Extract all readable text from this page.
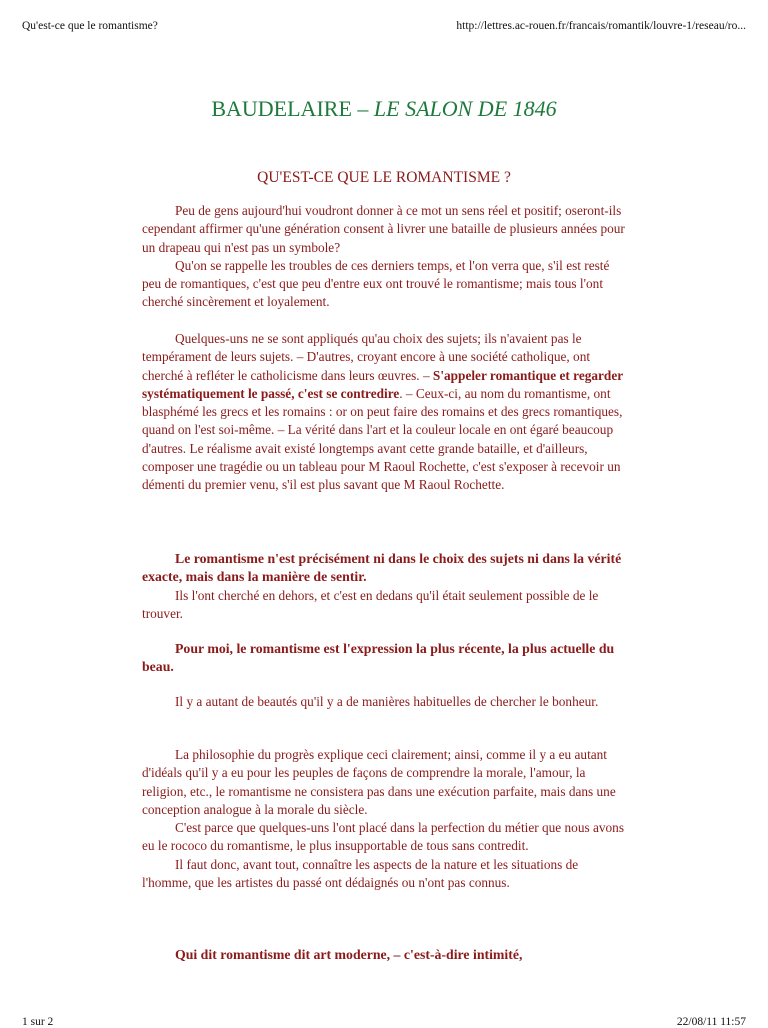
Qu'est-ce que le romantisme?	http://lettres.ac-rouen.fr/francais/romantik/louvre-1/reseau/ro...
BAUDELAIRE – LE SALON DE 1846
QU'EST-CE QUE LE ROMANTISME ?

Peu de gens aujourd'hui voudront donner à ce mot un sens réel et positif; oseront-ils cependant affirmer qu'une génération consent à livrer une bataille de plusieurs années pour un drapeau qui n'est pas un symbole?

Qu'on se rappelle les troubles de ces derniers temps, et l'on verra que, s'il est resté peu de romantiques, c'est que peu d'entre eux ont trouvé le romantisme; mais tous l'ont cherché sincèrement et loyalement.

Quelques-uns ne se sont appliqués qu'au choix des sujets; ils n'avaient pas le tempérament de leurs sujets. – D'autres, croyant encore à une société catholique, ont cherché à refléter le catholicisme dans leurs œuvres. – S'appeler romantique et regarder systématiquement le passé, c'est se contredire. – Ceux-ci, au nom du romantisme, ont blasphémé les grecs et les romains : or on peut faire des romains et des grecs romantiques, quand on l'est soi-même. – La vérité dans l'art et la couleur locale en ont égaré beaucoup d'autres. Le réalisme avait existé longtemps avant cette grande bataille, et d'ailleurs, composer une tragédie ou un tableau pour M Raoul Rochette, c'est s'exposer à recevoir un démenti du premier venu, s'il est plus savant que M Raoul Rochette.

Le romantisme n'est précisément ni dans le choix des sujets ni dans la vérité exacte, mais dans la manière de sentir.

Ils l'ont cherché en dehors, et c'est en dedans qu'il était seulement possible de le trouver.

Pour moi, le romantisme est l'expression la plus récente, la plus actuelle du beau.

Il y a autant de beautés qu'il y a de manières habituelles de chercher le bonheur.

La philosophie du progrès explique ceci clairement; ainsi, comme il y a eu autant d'idéals qu'il y a eu pour les peuples de façons de comprendre la morale, l'amour, la religion, etc., le romantisme ne consistera pas dans une exécution parfaite, mais dans une conception analogue à la morale du siècle.

C'est parce que quelques-uns l'ont placé dans la perfection du métier que nous avons eu le rococo du romantisme, le plus insupportable de tous sans contredit.

Il faut donc, avant tout, connaître les aspects de la nature et les situations de l'homme, que les artistes du passé ont dédaignés ou n'ont pas connus.

Qui dit romantisme dit art moderne, – c'est-à-dire intimité,

1 sur 2	22/08/11 11:57
